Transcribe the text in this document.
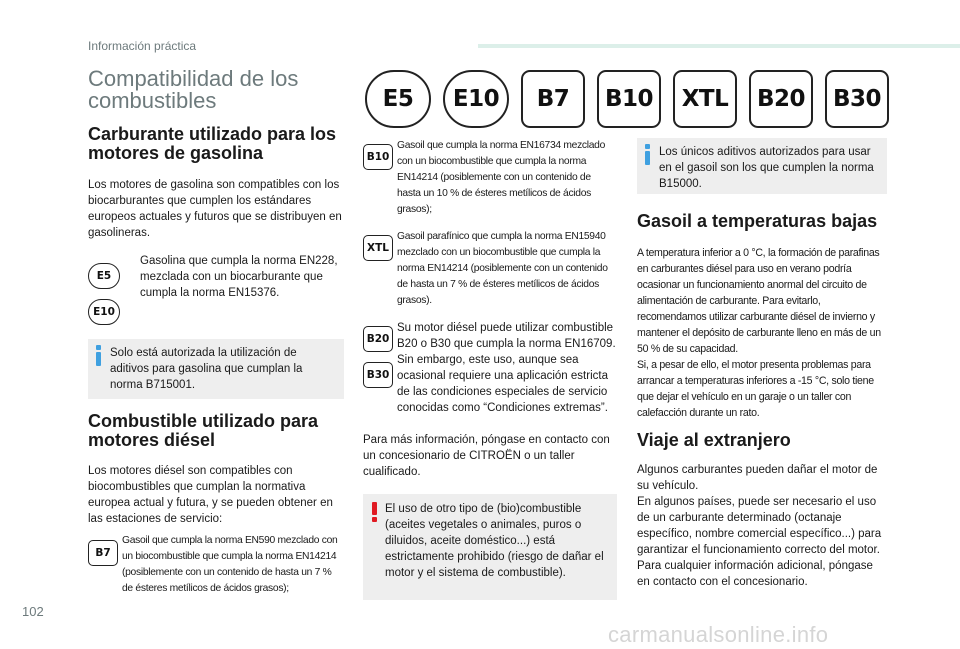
Información práctica
E5	E10	B7	B10	XTL	B20	B30
Compatibilidad de los combustibles
Carburante utilizado para los motores de gasolina

Los motores de gasolina son compatibles con los biocarburantes que cumplen los estándares europeos actuales y futuros que se distribuyen en gasolineras.

E5
E10

Gasolina que cumpla la norma EN228, mezclada con un biocarburante que cumpla la norma EN15376.

Solo está autorizada la utilización de aditivos para gasolina que cumplan la norma B715001.

Combustible utilizado para motores diésel

Los motores diésel son compatibles con biocombustibles que cumplan la normativa europea actual y futura, y se pueden obtener en las estaciones de servicio:

B7

Gasoil que cumpla la norma EN590 mezclado con un biocombustible que cumpla la norma EN14214 (posiblemente con un contenido de hasta un 7 % de ésteres metílicos de ácidos grasos);

B10

Gasoil que cumpla la norma EN16734 mezclado con un biocombustible que cumpla la norma EN14214 (posiblemente con un contenido de hasta un 10 % de ésteres metílicos de ácidos grasos);

XTL

Gasoil parafínico que cumpla la norma EN15940 mezclado con un biocombustible que cumpla la norma EN14214 (posiblemente con un contenido de hasta un 7 % de ésteres metílicos de ácidos grasos).

B20
B30

Su motor diésel puede utilizar combustible B20 o B30 que cumpla la norma EN16709. Sin embargo, este uso, aunque sea ocasional requiere una aplicación estricta de las condiciones especiales de servicio conocidas como “Condiciones extremas”.

Para más información, póngase en contacto con un concesionario de CITROËN o un taller cualificado.

El uso de otro tipo de (bio)combustible (aceites vegetales o animales, puros o diluidos, aceite doméstico...) está estrictamente prohibido (riesgo de dañar el motor y el sistema de combustible).

Los únicos aditivos autorizados para usar en el gasoil son los que cumplen la norma B15000.

Gasoil a temperaturas bajas

A temperatura inferior a 0 °C, la formación de parafinas en carburantes diésel para uso en verano podría ocasionar un funcionamiento anormal del circuito de alimentación de carburante. Para evitarlo, recomendamos utilizar carburante diésel de invierno y mantener el depósito de carburante lleno en más de un 50 % de su capacidad.

Si, a pesar de ello, el motor presenta problemas para arrancar a temperaturas inferiores a -15 °C, solo tiene que dejar el vehículo en un garaje o un taller con calefacción durante un rato.

Viaje al extranjero

Algunos carburantes pueden dañar el motor de su vehículo.

En algunos países, puede ser necesario el uso de un carburante determinado (octanaje específico, nombre comercial específico...) para garantizar el funcionamiento correcto del motor.

Para cualquier información adicional, póngase en contacto con el concesionario.

102
carmanualsonline.info
